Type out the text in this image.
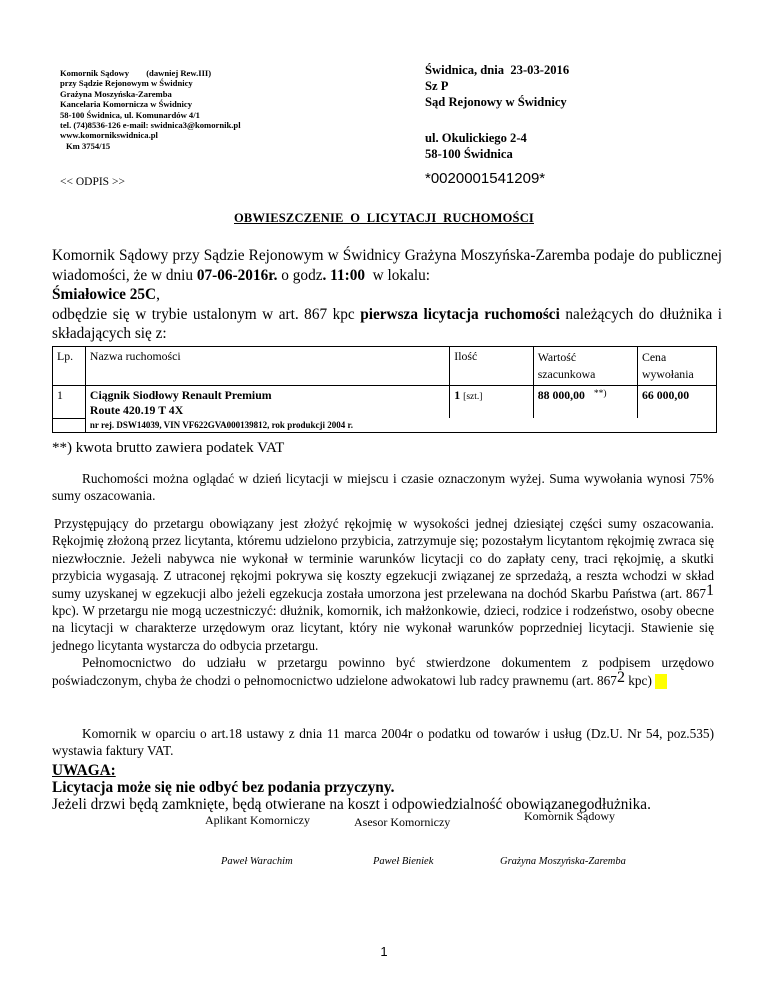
Komornik Sądowy        (dawniej Rew.III)
przy Sądzie Rejonowym w Świdnicy
Grażyna Moszyńska-Zaremba
Kancelaria Komornicza w Świdnicy
58-100 Świdnica, ul. Komunardów 4/1
tel. (74)8536-126 e-mail: swidnica3@komornik.pl
www.komornikswidnica.pl
Km 3754/15
Świdnica, dnia  23-03-2016
Sz P
Sąd Rejonowy w Świdnicy
ul. Okulickiego 2-4
58-100 Świdnica
<< ODPIS >>	*0020001541209*
OBWIESZCZENIE  O  LICYTACJI  RUCHOMOŚCI

Komornik Sądowy przy Sądzie Rejonowym w Świdnicy Grażyna Moszyńska-Zaremba podaje do publicznej wiadomości, że w dniu 07-06-2016r. o godz. 11:00  w lokalu:

Śmiałowice 25C,

odbędzie się w trybie ustalonym w art. 867 kpc pierwsza licytacja ruchomości należących do dłużnika i składających się z:

Lp.	Nazwa ruchomości	Ilość	Wartość szacunkowa	Cena wywołania
1	Ciągnik Siodłowy Renault Premium Route 420.19 T 4X	1 [szt.]	88 000,00 **)	66 000,00
	nr rej. DSW14039, VIN VF622GVA000139812, rok produkcji 2004 r.			
**) kwota brutto zawiera podatek VAT

Ruchomości można oglądać w dzień licytacji w miejscu i czasie oznaczonym wyżej. Suma wywołania wynosi 75% sumy oszacowania.

Przystępujący do przetargu obowiązany jest złożyć rękojmię w wysokości jednej dziesiątej części sumy oszacowania. Rękojmię złożoną przez licytanta, któremu udzielono przybicia, zatrzymuje się; pozostałym licytantom rękojmię zwraca się niezwłocznie. Jeżeli nabywca nie wykonał w terminie warunków licytacji co do zapłaty ceny, traci rękojmię, a skutki przybicia wygasają. Z utraconej rękojmi pokrywa się koszty egzekucji związanej ze sprzedażą, a reszta wchodzi w skład sumy uzyskanej w egzekucji albo jeżeli egzekucja została umorzona jest przelewana na dochód Skarbu Państwa (art. $867^1$ kpc). W przetargu nie mogą uczestniczyć: dłużnik, komornik, ich małżonkowie, dzieci, rodzice i rodzeństwo, osoby obecne na licytacji w charakterze urzędowym oraz licytant, który nie wykonał warunków poprzedniej licytacji. Stawienie się jednego licytanta wystarcza do odbycia przetargu.

Pełnomocnictwo do udziału w przetargu powinno być stwierdzone dokumentem z podpisem urzędowo poświadczonym, chyba że chodzi o pełnomocnictwo udzielone adwokatowi lub radcy prawnemu (art. $867^2$ kpc)

Komornik w oparciu o art.18 ustawy z dnia 11 marca 2004r o podatku od towarów i usług (Dz.U. Nr 54, poz.535) wystawia faktury VAT.

UWAGA:
Licytacja może się nie odbyć bez podania przyczyny.
Jeżeli drzwi będą zamknięte, będą otwierane na koszt i odpowiedzialność obowiązanegodłużnika.
Aplikant Komorniczy	Asesor Komorniczy	Komornik Sądowy
Paweł Warachim	Paweł Bieniek	Grażyna Moszyńska-Zaremba
1
